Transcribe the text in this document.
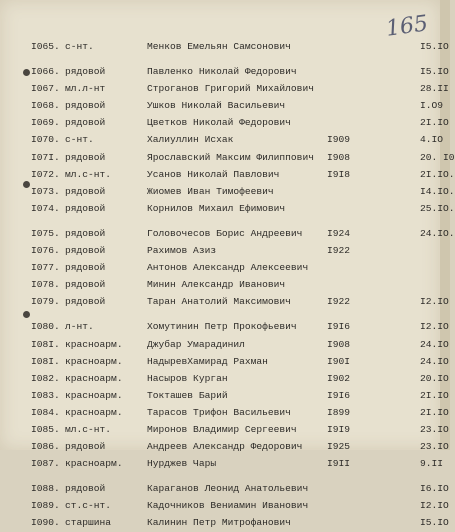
165
I065. с-нт.	Менков Емельян Самсонович	I5.IO
I066. рядовой	Павленко Николай Федорович	I5.IO
I067. мл.л-нт	Строганов Григорий Михайлович	28.II
I068. рядовой	Ушков Николай Васильевич	I.O9
I069. рядовой	Цветков Николай Федорович	2I.IO
I070. с-нт.	Халиуллин Исхак	I909	4.IO
I07I. рядовой	Ярославский Максим Филиппович I908	20. I0
I072. мл.с-нт.	Усанов Николай Павлович	I9I8	2I.IO.
I073. рядовой	Жиомев Иван Тимофеевич	I4.IO.
I074. рядовой	Корнилов Михаил Ефимович	25.IO.
I075. рядовой	Головочесов Борис Андреевич	I924	24.IO.
I076. рядовой	Рахимов Азиз	I922
I077. рядовой	Антонов Александр Алексеевич
I078. рядовой	Минин Александр Иванович
I079. рядовой	Таран Анатолий Максимович	I922	I2.IO
I080. л-нт.	Хомутинин Петр Прокофьевич	I9I6	I2.IO
I08I. красноарм.	Джубар Умарадинил	I908	24.IO
I08I. красноарм.	НадыревХамирад Рахман	I90I	24.IO
I082. красноарм.	Насыров Курган	I902	20.IO
I083. красноарм.	Токташев Барий	I9I6	2I.IO
I084. красноарм.	Тарасов Трифон Васильевич	I899	2I.IO
I085. мл.с-нт.	Миронов Владимир Сергеевич	I9I9	23.IO
I086. рядовой	Андреев Александр Федорович	I925	23.IO
I087. красноарм.	Нурджев Чары	I9II	9.II
I088. рядовой	Караганов Леонид Анатольевич	I6.IO
I089. ст.с-нт.	Кадочников Вениамин Иванович	I2.IO
I090. старшина	Калинин Петр Митрофанович	I5.IO
